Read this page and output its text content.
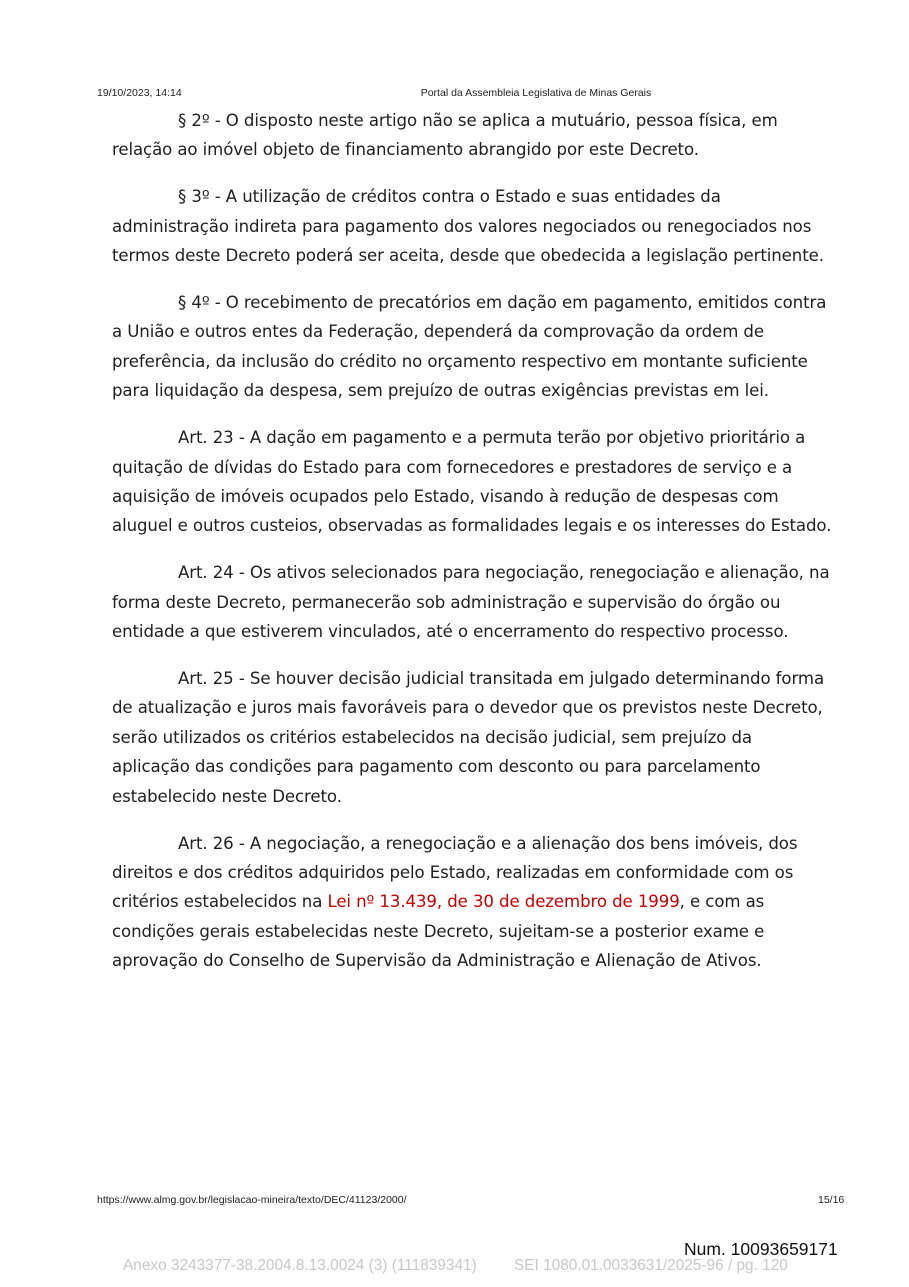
19/10/2023, 14:14	Portal da Assembleia Legislativa de Minas Gerais

§ 2º - O disposto neste artigo não se aplica a mutuário, pessoa física, em relação ao imóvel objeto de financiamento abrangido por este Decreto.

§ 3º - A utilização de créditos contra o Estado e suas entidades da administração indireta para pagamento dos valores negociados ou renegociados nos termos deste Decreto poderá ser aceita, desde que obedecida a legislação pertinente.

§ 4º - O recebimento de precatórios em dação em pagamento, emitidos contra a União e outros entes da Federação, dependerá da comprovação da ordem de preferência, da inclusão do crédito no orçamento respectivo em montante suficiente para liquidação da despesa, sem prejuízo de outras exigências previstas em lei.

Art. 23 - A dação em pagamento e a permuta terão por objetivo prioritário a quitação de dívidas do Estado para com fornecedores e prestadores de serviço e a aquisição de imóveis ocupados pelo Estado, visando à redução de despesas com aluguel e outros custeios, observadas as formalidades legais e os interesses do Estado.

Art. 24 - Os ativos selecionados para negociação, renegociação e alienação, na forma deste Decreto, permanecerão sob administração e supervisão do órgão ou entidade a que estiverem vinculados, até o encerramento do respectivo processo.

Art. 25 - Se houver decisão judicial transitada em julgado determinando forma de atualização e juros mais favoráveis para o devedor que os previstos neste Decreto, serão utilizados os critérios estabelecidos na decisão judicial, sem prejuízo da aplicação das condições para pagamento com desconto ou para parcelamento estabelecido neste Decreto.

Art. 26 - A negociação, a renegociação e a alienação dos bens imóveis, dos direitos e dos créditos adquiridos pelo Estado, realizadas em conformidade com os critérios estabelecidos na Lei nº 13.439, de 30 de dezembro de 1999, e com as condições gerais estabelecidas neste Decreto, sujeitam-se a posterior exame e aprovação do Conselho de Supervisão da Administração e Alienação de Ativos.

https://www.almg.gov.br/legislacao-mineira/texto/DEC/41123/2000/	15/16
Num. 10093659171
Anexo 3243377-38.2004.8.13.0024 (3) (111839341) SEI 1080.01.0033631/2025-96 / pg. 120
